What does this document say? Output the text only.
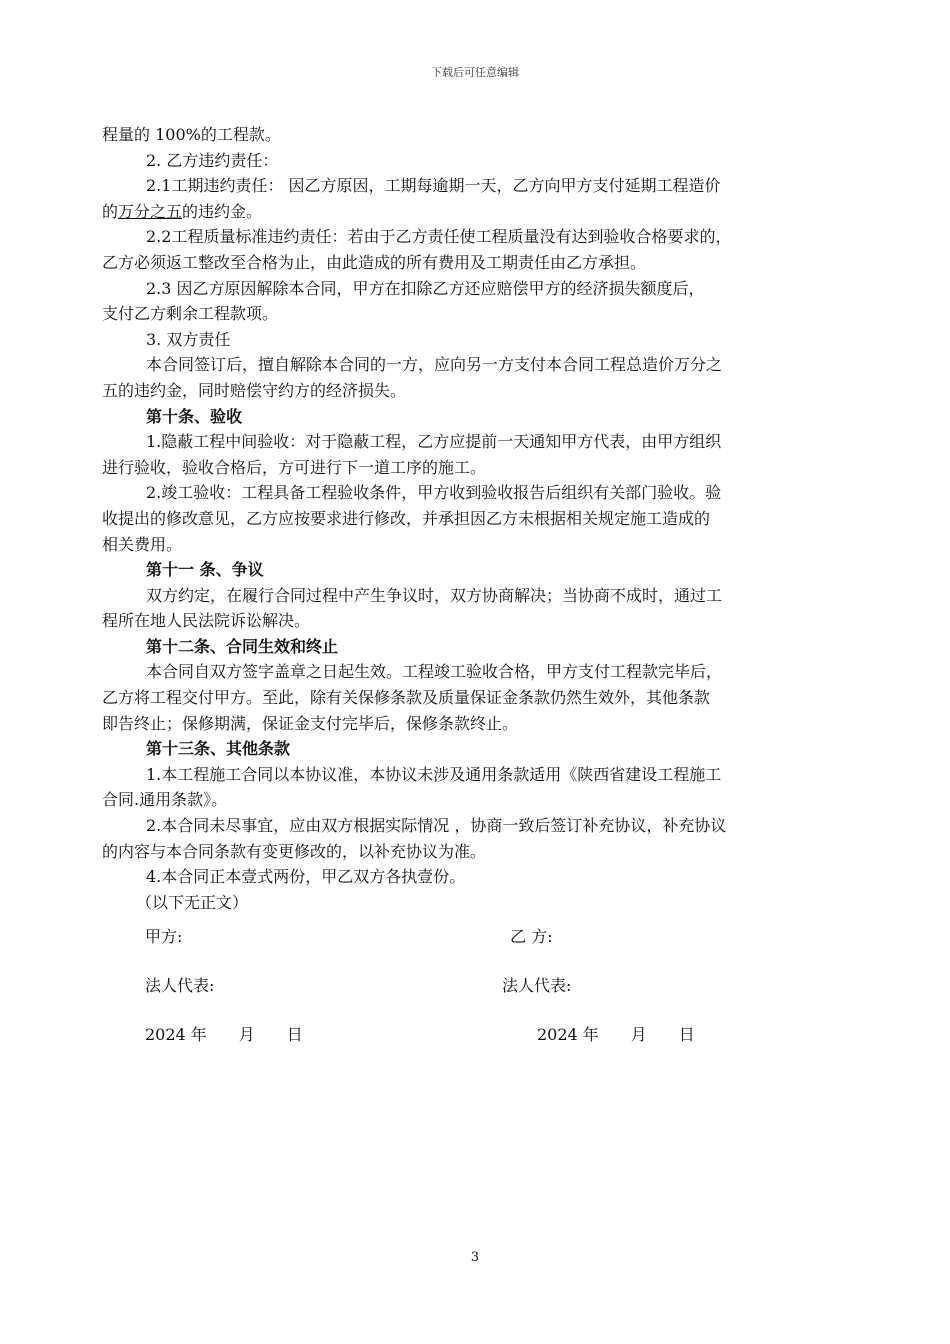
下载后可任意编辑
程量的 100%的工程款。
2. 乙方违约责任：
2.1工期违约责任： 因乙方原因，工期每逾期一天，乙方向甲方支付延期工程造价
的万分之五的违约金。
2.2工程质量标准违约责任：若由于乙方责任使工程质量没有达到验收合格要求的，
乙方必须返工整改至合格为止，由此造成的所有费用及工期责任由乙方承担。
2.3 因乙方原因解除本合同，甲方在扣除乙方还应赔偿甲方的经济损失额度后，
支付乙方剩余工程款项。
3. 双方责任
本合同签订后，擅自解除本合同的一方，应向另一方支付本合同工程总造价万分之
五的违约金，同时赔偿守约方的经济损失。
第十条、验收
1.隐蔽工程中间验收：对于隐蔽工程，乙方应提前一天通知甲方代表，由甲方组织
进行验收，验收合格后，方可进行下一道工序的施工。
2.竣工验收：工程具备工程验收条件，甲方收到验收报告后组织有关部门验收。验
收提出的修改意见，乙方应按要求进行修改，并承担因乙方未根据相关规定施工造成的
相关费用。
第十一 条、争议
双方约定，在履行合同过程中产生争议时，双方协商解决；当协商不成时，通过工
程所在地人民法院诉讼解决。
第十二条、合同生效和终止
本合同自双方签字盖章之日起生效。工程竣工验收合格，甲方支付工程款完毕后，
乙方将工程交付甲方。至此，除有关保修条款及质量保证金条款仍然生效外，其他条款
即告终止；保修期满，保证金支付完毕后，保修条款终止。
第十三条、其他条款
1.本工程施工合同以本协议准，本协议未涉及通用条款适用《陕西省建设工程施工
合同.通用条款》。
2.本合同未尽事宜，应由双方根据实际情况 ，协商一致后签订补充协议，补充协议
的内容与本合同条款有变更修改的，以补充协议为准。
4.本合同正本壹式两份，甲乙双方各执壹份。
（以下无正文）
甲方:	乙 方:
法人代表:	法人代表:
2024 年　　月　　日	2024 年　　月　　日
3
